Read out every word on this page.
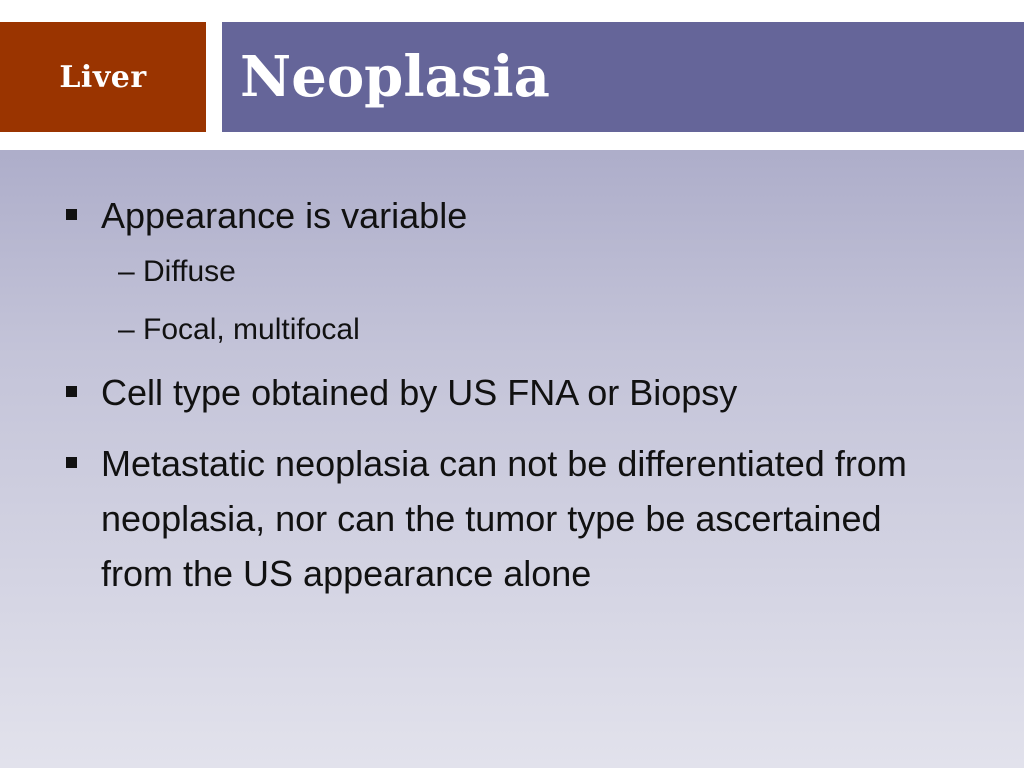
Liver Neoplasia
Appearance is variable
– Diffuse
– Focal, multifocal
Cell type obtained by US FNA or Biopsy
Metastatic neoplasia can not be differentiated from neoplasia, nor can the tumor type be ascertained from the US appearance alone
